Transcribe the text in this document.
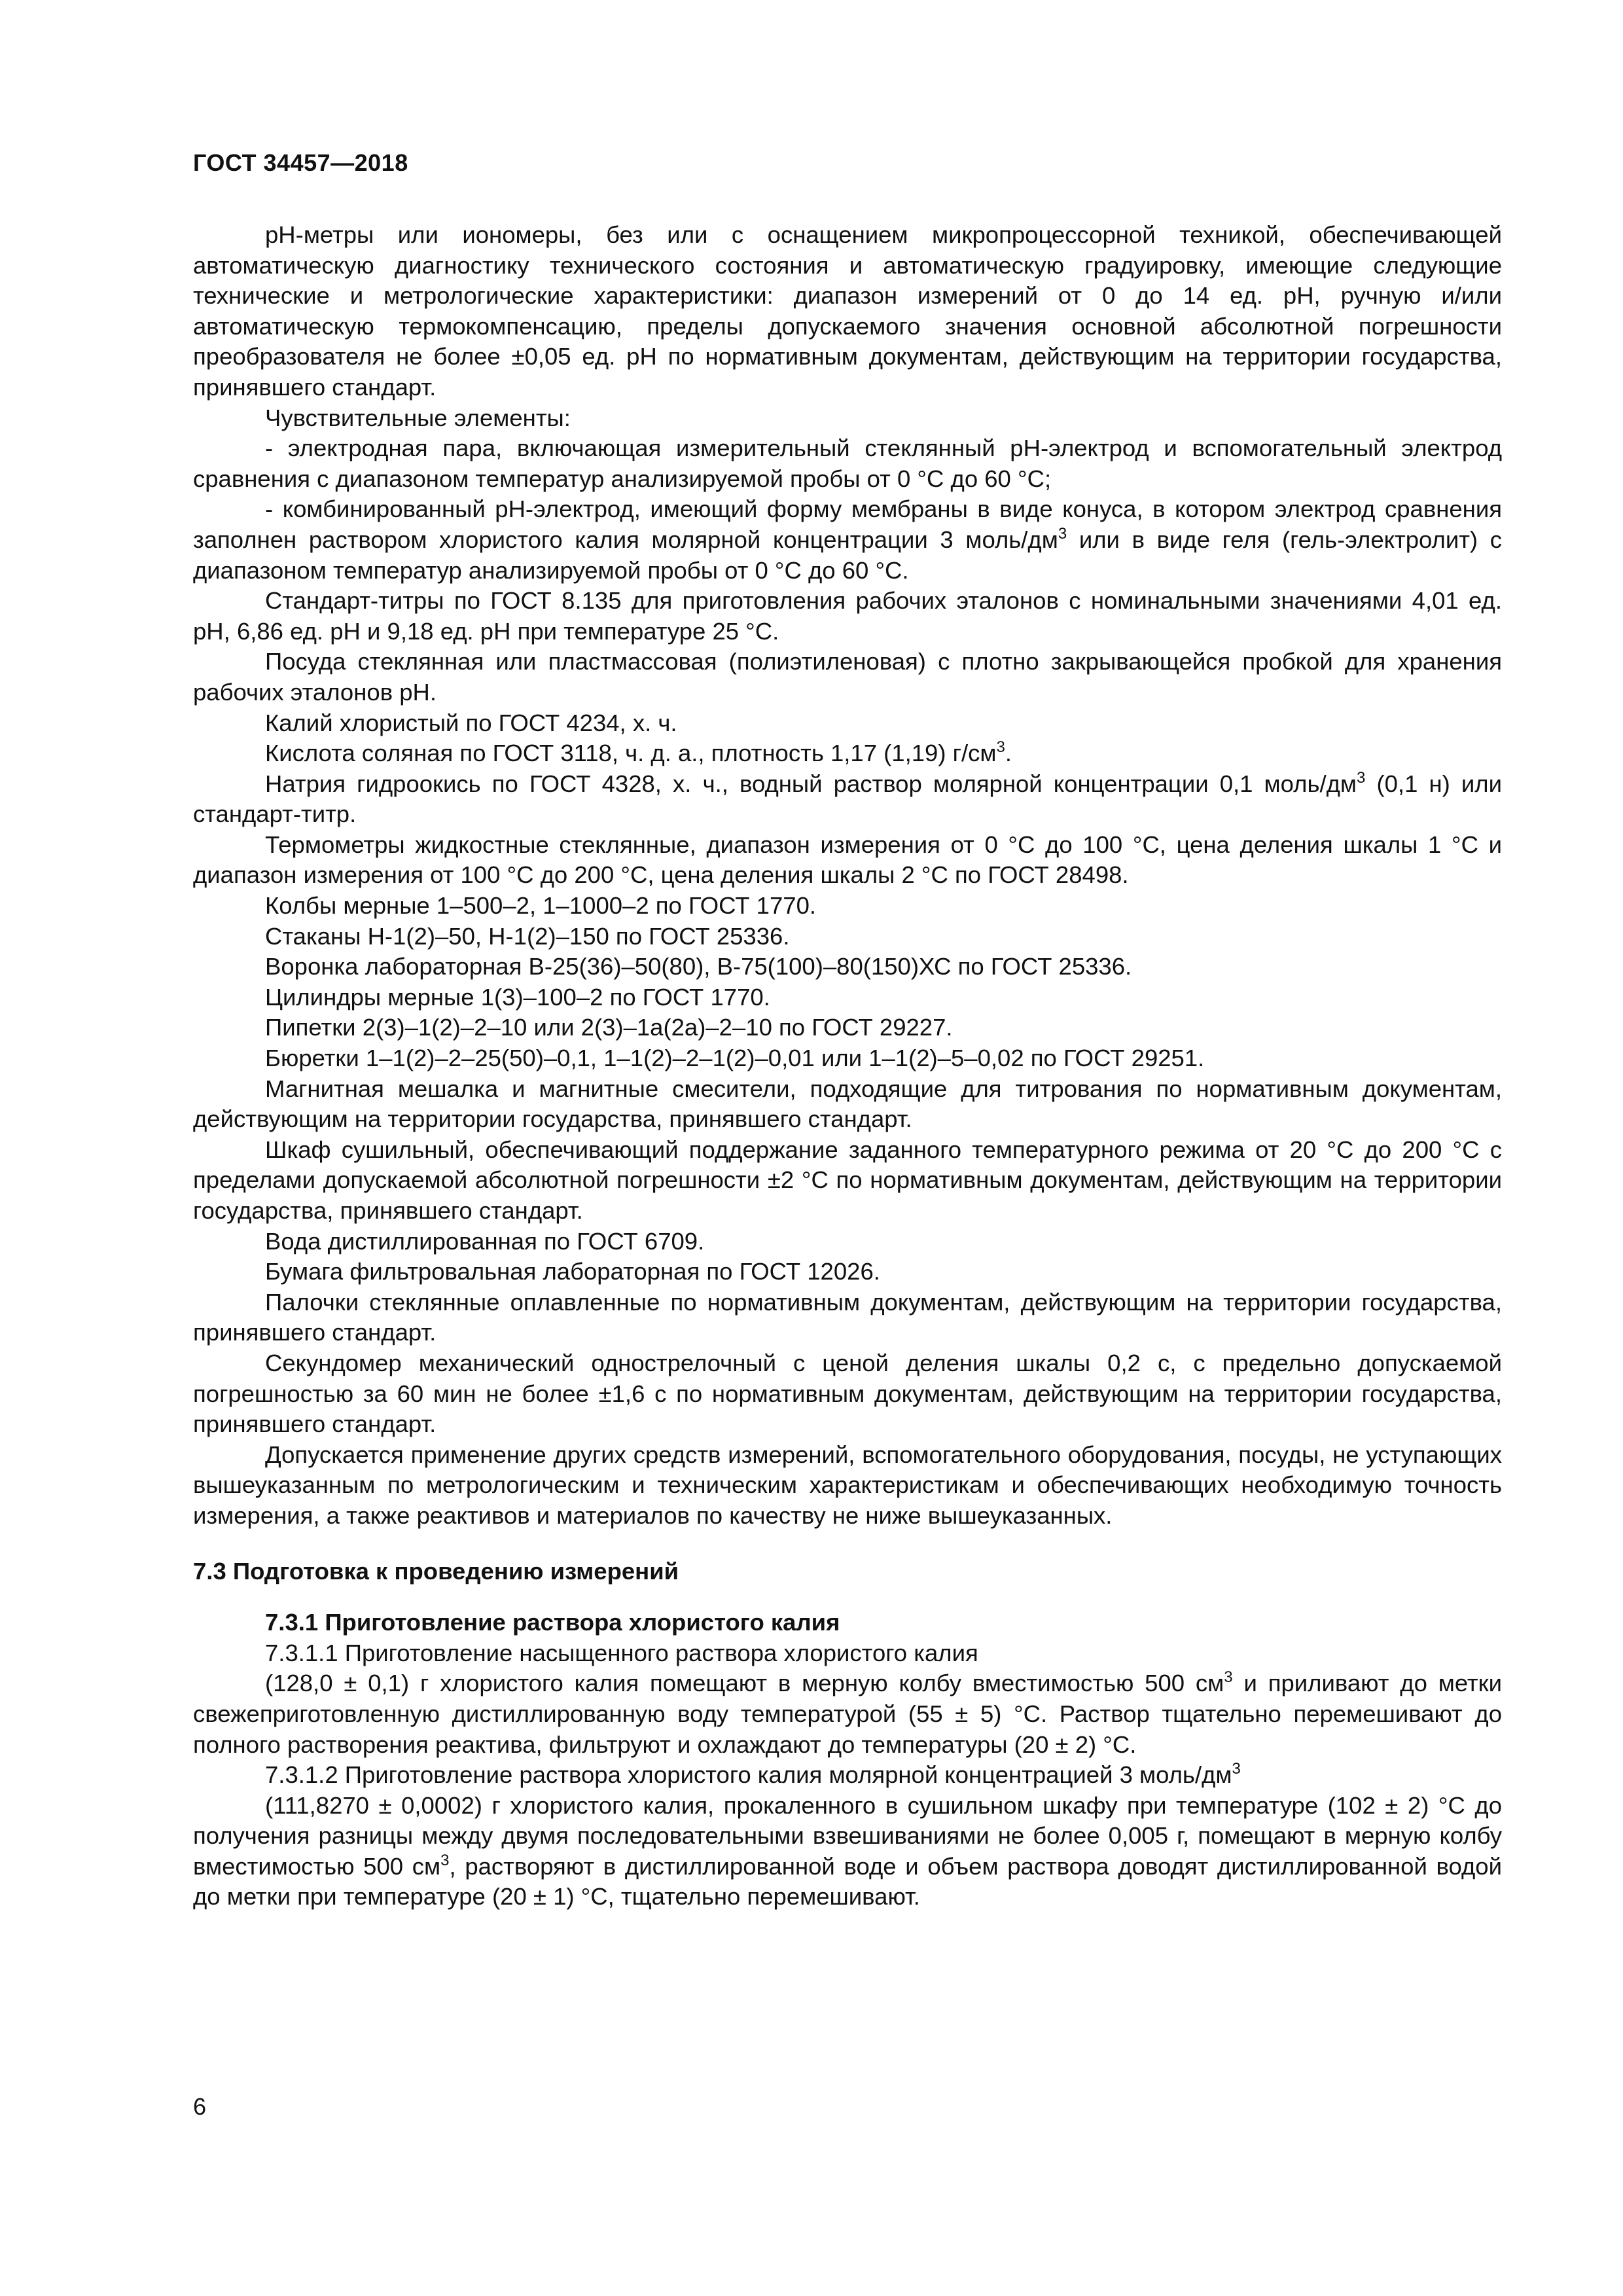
ГОСТ 34457—2018

рН-метры или иономеры, без или с оснащением микропроцессорной техникой, обеспечивающей автоматическую диагностику технического состояния и автоматическую градуировку, имеющие следующие технические и метрологические характеристики: диапазон измерений от 0 до 14 ед. рН, ручную и/или автоматическую термокомпенсацию, пределы допускаемого значения основной абсолютной погрешности преобразователя не более ±0,05 ед. рН по нормативным документам, действующим на территории государства, принявшего стандарт.

Чувствительные элементы:

- электродная пара, включающая измерительный стеклянный рН-электрод и вспомогательный электрод сравнения с диапазоном температур анализируемой пробы от 0 °С до 60 °С;

- комбинированный рН-электрод, имеющий форму мембраны в виде конуса, в котором электрод сравнения заполнен раствором хлористого калия молярной концентрации 3 моль/$дм^3$ или в виде геля (гель-электролит) с диапазоном температур анализируемой пробы от 0 °С до 60 °С.

Стандарт-титры по ГОСТ 8.135 для приготовления рабочих эталонов с номинальными значениями 4,01 ед. рН, 6,86 ед. рН и 9,18 ед. рН при температуре 25 °С.

Посуда стеклянная или пластмассовая (полиэтиленовая) с плотно закрывающейся пробкой для хранения рабочих эталонов рН.

Калий хлористый по ГОСТ 4234, х. ч.

Кислота соляная по ГОСТ 3118, ч. д. а., плотность 1,17 (1,19) $г/см^3$.

Натрия гидроокись по ГОСТ 4328, х. ч., водный раствор молярной концентрации 0,1 моль/$дм^3$ (0,1 н) или стандарт-титр.

Термометры жидкостные стеклянные, диапазон измерения от 0 °С до 100 °С, цена деления шкалы 1 °С и диапазон измерения от 100 °С до 200 °С, цена деления шкалы 2 °С по ГОСТ 28498.

Колбы мерные 1–500–2, 1–1000–2 по ГОСТ 1770.

Стаканы Н-1(2)–50, Н-1(2)–150 по ГОСТ 25336.

Воронка лабораторная В-25(36)–50(80), В-75(100)–80(150)ХС по ГОСТ 25336.

Цилиндры мерные 1(3)–100–2 по ГОСТ 1770.

Пипетки 2(3)–1(2)–2–10 или 2(3)–1а(2а)–2–10 по ГОСТ 29227.

Бюретки 1–1(2)–2–25(50)–0,1, 1–1(2)–2–1(2)–0,01 или 1–1(2)–5–0,02 по ГОСТ 29251.

Магнитная мешалка и магнитные смесители, подходящие для титрования по нормативным документам, действующим на территории государства, принявшего стандарт.

Шкаф сушильный, обеспечивающий поддержание заданного температурного режима от 20 °С до 200 °С с пределами допускаемой абсолютной погрешности ±2 °С по нормативным документам, действующим на территории государства, принявшего стандарт.

Вода дистиллированная по ГОСТ 6709.

Бумага фильтровальная лабораторная по ГОСТ 12026.

Палочки стеклянные оплавленные по нормативным документам, действующим на территории государства, принявшего стандарт.

Секундомер механический однострелочный с ценой деления шкалы 0,2 с, с предельно допускаемой погрешностью за 60 мин не более ±1,6 с по нормативным документам, действующим на территории государства, принявшего стандарт.

Допускается применение других средств измерений, вспомогательного оборудования, посуды, не уступающих вышеуказанным по метрологическим и техническим характеристикам и обеспечивающих необходимую точность измерения, а также реактивов и материалов по качеству не ниже вышеуказанных.

7.3 Подготовка к проведению измерений

7.3.1 Приготовление раствора хлористого калия

7.3.1.1 Приготовление насыщенного раствора хлористого калия

(128,0 ± 0,1) г хлористого калия помещают в мерную колбу вместимостью 500 $см^3$ и приливают до метки свежеприготовленную дистиллированную воду температурой (55 ± 5) °С. Раствор тщательно перемешивают до полного растворения реактива, фильтруют и охлаждают до температуры (20 ± 2) °С.

7.3.1.2 Приготовление раствора хлористого калия молярной концентрацией 3 моль/$дм^3$

(111,8270 ± 0,0002) г хлористого калия, прокаленного в сушильном шкафу при температуре (102 ± 2) °С до получения разницы между двумя последовательными взвешиваниями не более 0,005 г, помещают в мерную колбу вместимостью 500 $см^3$, растворяют в дистиллированной воде и объем раствора доводят дистиллированной водой до метки при температуре (20 ± 1) °С, тщательно перемешивают.

6
